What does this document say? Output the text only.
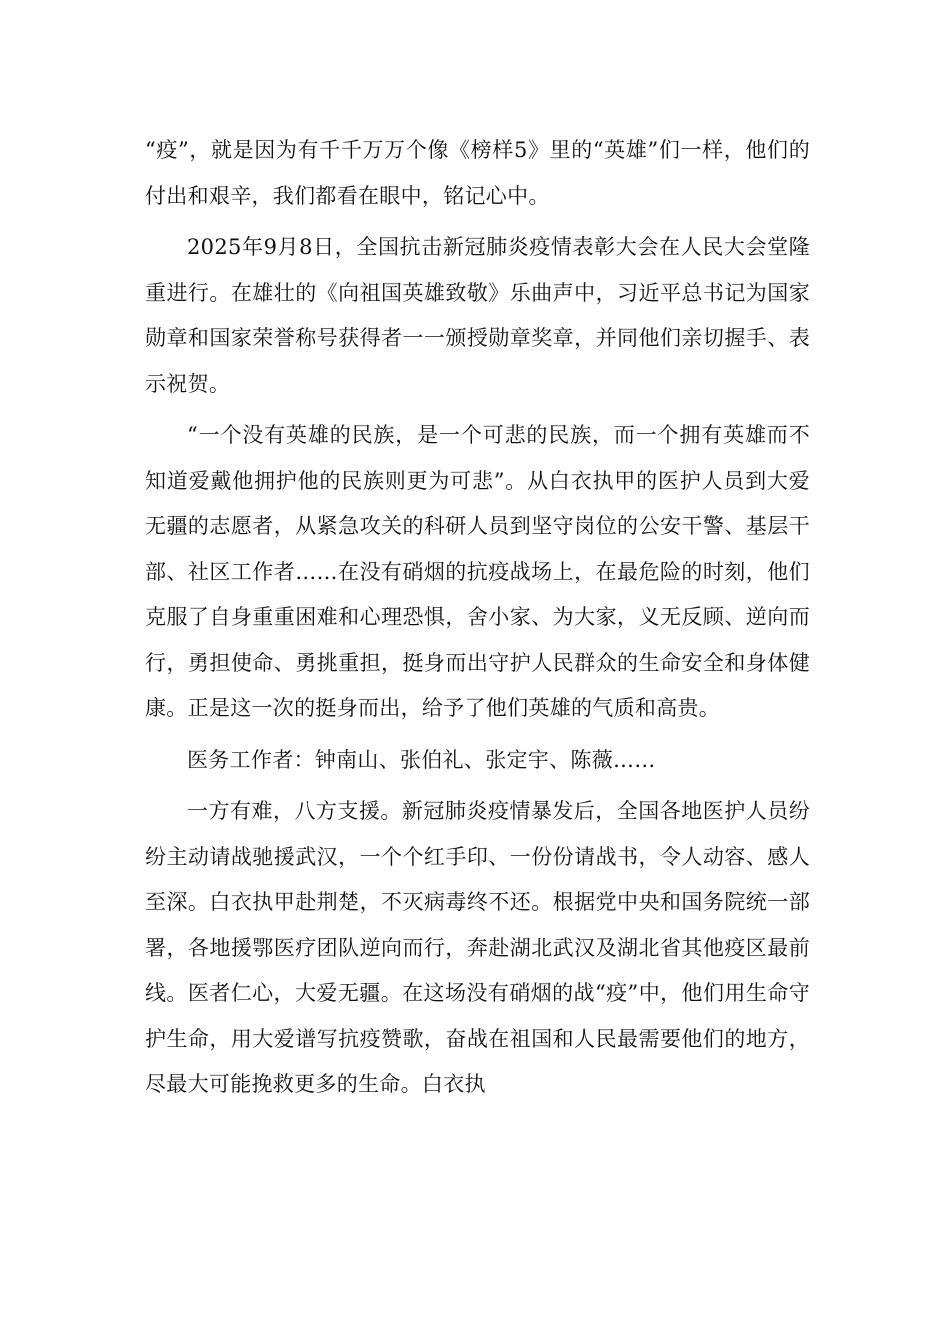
“疫”，就是因为有千千万万个像《榜样5》里的“英雄”们一样，他们的付出和艰辛，我们都看在眼中，铭记心中。

2025年9月8日，全国抗击新冠肺炎疫情表彰大会在人民大会堂隆重进行。在雄壮的《向祖国英雄致敬》乐曲声中，习近平总书记为国家勋章和国家荣誉称号获得者一一颁授勋章奖章，并同他们亲切握手、表示祝贺。

“一个没有英雄的民族，是一个可悲的民族，而一个拥有英雄而不知道爱戴他拥护他的民族则更为可悲”。从白衣执甲的医护人员到大爱无疆的志愿者，从紧急攻关的科研人员到坚守岗位的公安干警、基层干部、社区工作者……在没有硝烟的抗疫战场上，在最危险的时刻，他们克服了自身重重困难和心理恐惧，舍小家、为大家，义无反顾、逆向而行，勇担使命、勇挑重担，挺身而出守护人民群众的生命安全和身体健康。正是这一次的挺身而出，给予了他们英雄的气质和高贵。

医务工作者：钟南山、张伯礼、张定宇、陈薇……

一方有难，八方支援。新冠肺炎疫情暴发后，全国各地医护人员纷纷主动请战驰援武汉，一个个红手印、一份份请战书，令人动容、感人至深。白衣执甲赴荆楚，不灭病毒终不还。根据党中央和国务院统一部署，各地援鄂医疗团队逆向而行，奔赴湖北武汉及湖北省其他疫区最前线。医者仁心，大爱无疆。在这场没有硝烟的战“疫”中，他们用生命守护生命，用大爱谱写抗疫赞歌，奋战在祖国和人民最需要他们的地方，尽最大可能挽救更多的生命。白衣执
